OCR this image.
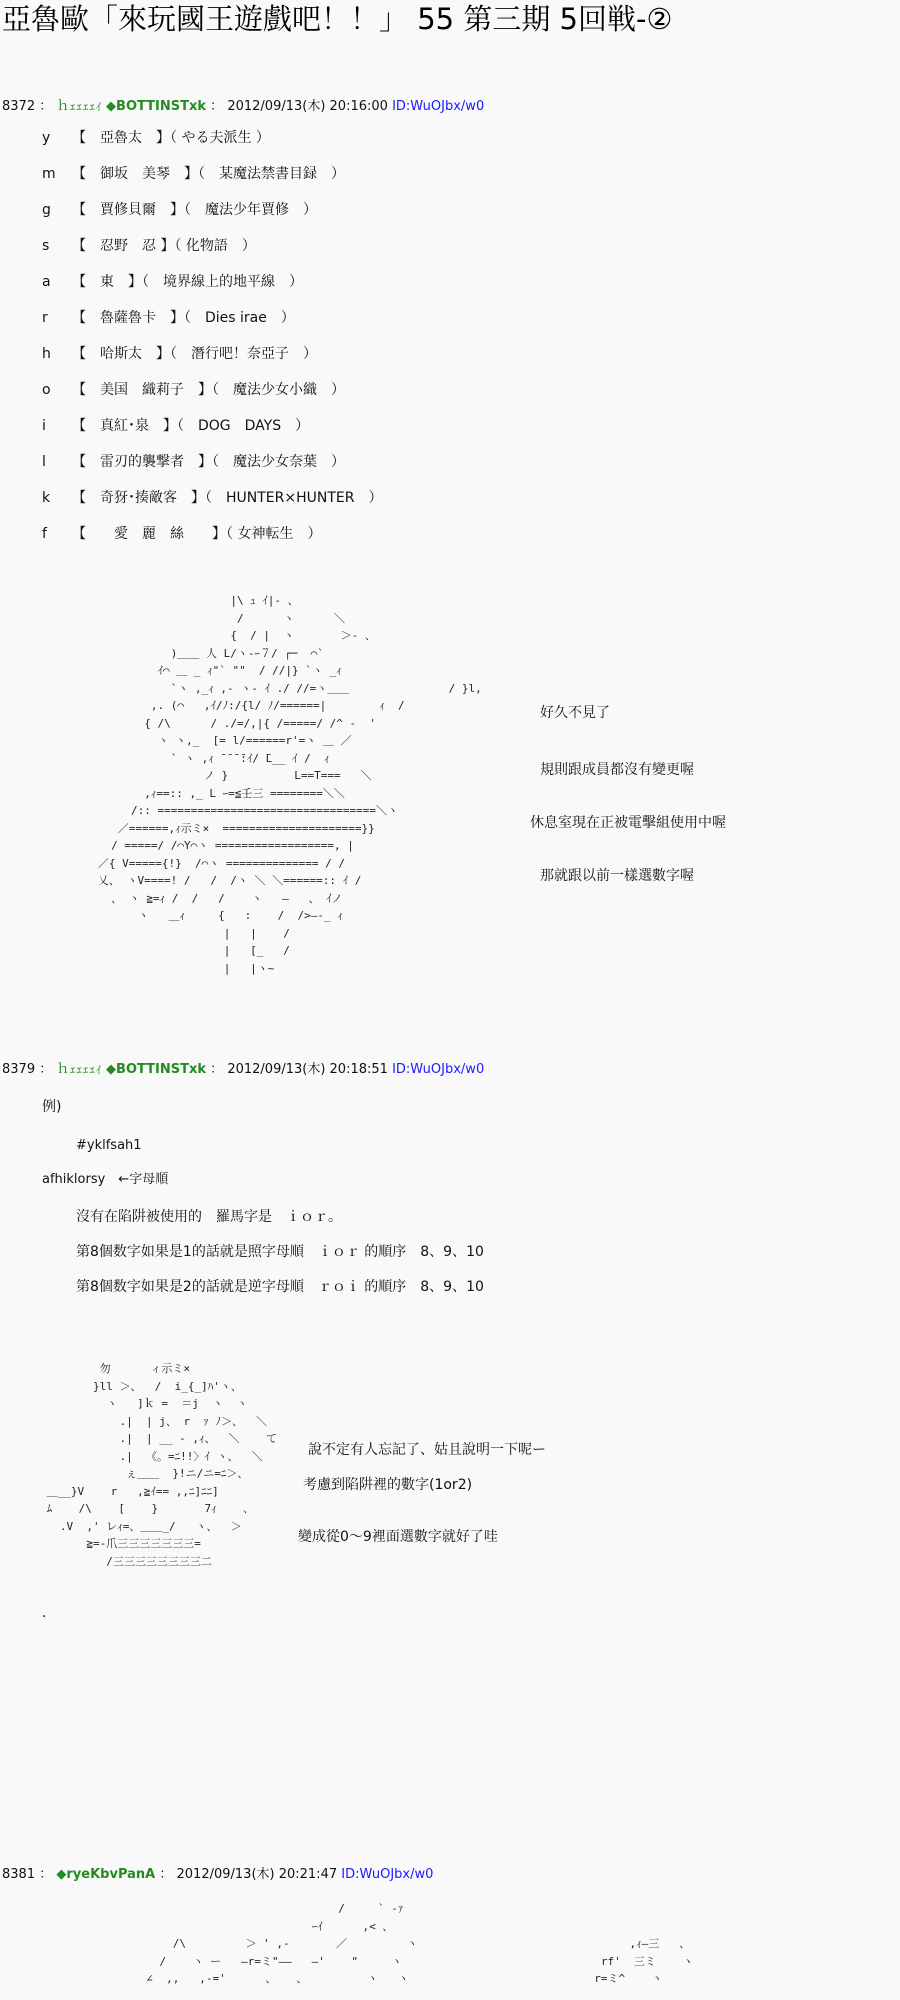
亞魯歐「來玩國王遊戲吧！！」 55 第三期 5回戦-②
8372 ： ｈｪｪｪｪｨ ◆BOTTINSTxk ： 2012/09/13(木) 20:16:00 ID:WuOJbx/w0
y 【　亞魯太　】（ やる夫派生 ）
m 【　御坂　美琴　】（　某魔法禁書目録　）
g 【　賈修貝爾　】（　魔法少年賈修　）
s 【　忍野　忍 】（ 化物語　）
a 【　東　】（　境界線上的地平線　）
r 【　魯薩魯卡　】（　Dies irae　）
h 【　哈斯太　】（　潛行吧！奈亞子　）
o 【　美国　織莉子　】（　魔法少女小織　）
i 【　真紅･泉　】（　DOG　DAYS　）
l 【　雷刃的襲撃者　】（　魔法少女奈葉　）
k 【　奇犽･揍敵客　】（　HUNTER×HUNTER　）
f 【　　愛　麗　絲　　】（ 女神転生　）
|\ ｭ ｲ|‐ 、
/      ヽ      ＼
{  / |  ヽ       ＞- 、
)＿＿ 人 L/ヽ‐ｰ７/ ┌─  ⌒`
ｲ⌒ ＿ _ ｨ"` ""  / //|} `ヽ _ｨ
`ヽ ,_ｨ ,- ヽ- ｲ ./ //=ヽ＿＿               / }l,
,. (⌒   ,ｲ/ﾉ:/{l/ ﾉ/======|        ｨ  /
{ /\      / ./=/,|{ /=====/ /^ -  '
ヽ ヽ,_  [= l/======r'=ヽ ＿ ／
` ヽ ,ｨ ̄ ̄ ̄ ̄:ｲ/ ̄L__ ｲ /  ｨ
ノ }          L==T===   ＼
,ｨ==:: ,_ L ｰ=≦壬三 ========＼＼
/:: =================================＼ヽ
／======,ｨ示ミ×  =====================}}
/ =====/ /⌒Y⌒ヽ ==================, |
／{ V====={!}  /⌒ヽ ============== / /
乂、 ヽV====! /   /  /ヽ ＼ ＼======:: ｲ /
、 ヽ ≧=ｨ /  /   /    ヽ   ―   、 ｲノ
ヽ   ＿ｨ     {   :    /  />―-_ ｨ
|   |    /
|   [_   /
|   |ヽ~

好久不見了
規則跟成員都沒有變更喔
休息室現在正被電擊組使用中喔
那就跟以前一樣選數字喔
8379 ： ｈｪｪｪｪｨ ◆BOTTINSTxk ： 2012/09/13(木) 20:18:51 ID:WuOJbx/w0
例)
#yklfsah1
afhiklorsy　←字母順
沒有在陷阱被使用的　羅馬字是　ｉｏｒ。
第8個数字如果是1的話就是照字母順　ｉｏｒ 的順序　8、9、10
第8個数字如果是2的話就是逆字母順　ｒｏｉ 的順序　8、9、10
勿      ィ示ミ×
}ll ＞、  /  i_{_]ﾊ'ヽ、
ヽ   ]ｋ =  ＝j  ヽ  ヽ
.|  | j、 r  ｧ ﾉ＞、  ＼
.|  | __ - ,ｨ、  ＼    て
.|  《。=ﾆ!!〉ｲ ヽ、  ＼
ぇ＿＿  }!ニ/ニ=ﾆ＞、
＿__}V    r   ,≧ｲ== ,,ﾆ]ﾆﾆ]
ﾑ    /\    [    }       7ｨ    、
.V  ,' レｨ=、＿＿_/   ヽ、  ＞
≧=-爪三三三三三三三=
/三三三三三三三三二

說不定有人忘記了、姑且說明一下呢ー
考慮到陷阱裡的數字(1or2)
變成從0～9裡面選數字就好了哇
.
8381 ： ◆ryeKbvPanA ： 2012/09/13(木) 20:21:47 ID:WuOJbx/w0
/     ` -ｧ
ｰｲ      ,< 、
/\         ＞ ' ,-       ／         ヽ                                ,ｨ―三   、
/    ヽ ー   ―r=ミ"――   ―'    "     ヽ                              rf'  三ミ    ヽ
∠  ,,   ,-='      、   、         ヽ   ヽ                            r=ミ^    ヽ
